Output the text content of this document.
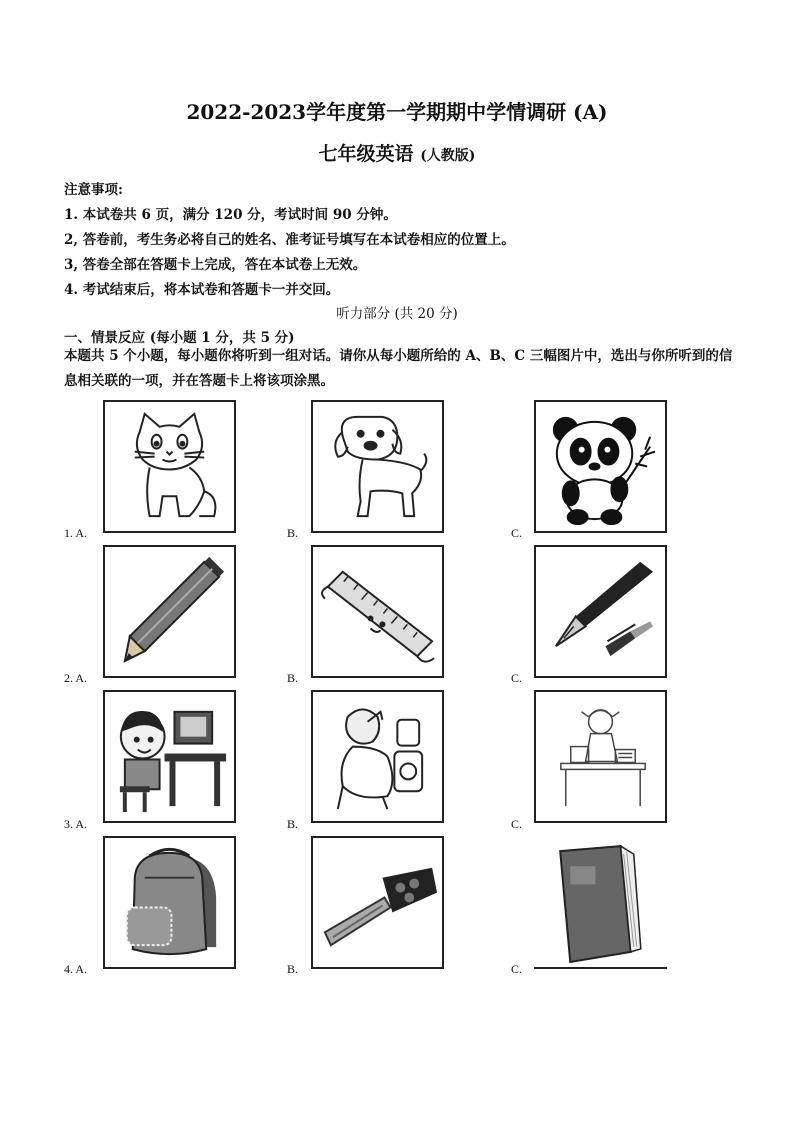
2022-2023学年度第一学期期中学情调研 (A)
七年级英语 (人教版)
注意事项:
1. 本试卷共 6 页，满分 120 分，考试时间 90 分钟。
2, 答卷前，考生务必将自己的姓名、准考证号填写在本试卷相应的位置上。
3, 答卷全部在答题卡上完成，答在本试卷上无效。
4. 考试结束后，将本试卷和答题卡一并交回。
听力部分 (共 20 分)
一、情景反应 (每小题 1 分，共 5 分)
本题共 5 个小题，每小题你将听到一组对话。请你从每小题所给的 A、B、C 三幅图片中，选出与你所听到的信息相关联的一项，并在答题卡上将该项涂黑。
1. A.	B.	C.
2. A.	B.	C.
3. A.	B.	C.
4. A.	B.	C.
